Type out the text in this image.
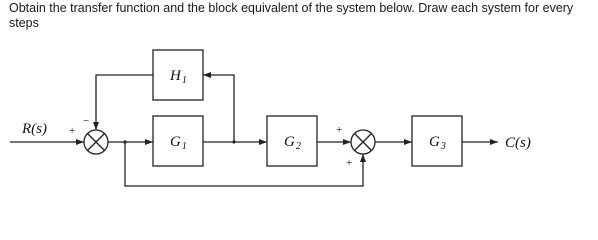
Obtain the transfer function and the block equivalent of the system below. Draw each system for every steps
R(s) +
−
$G_1$	$G_2$
+
+
$G_3$	C(s)
$H_1$
